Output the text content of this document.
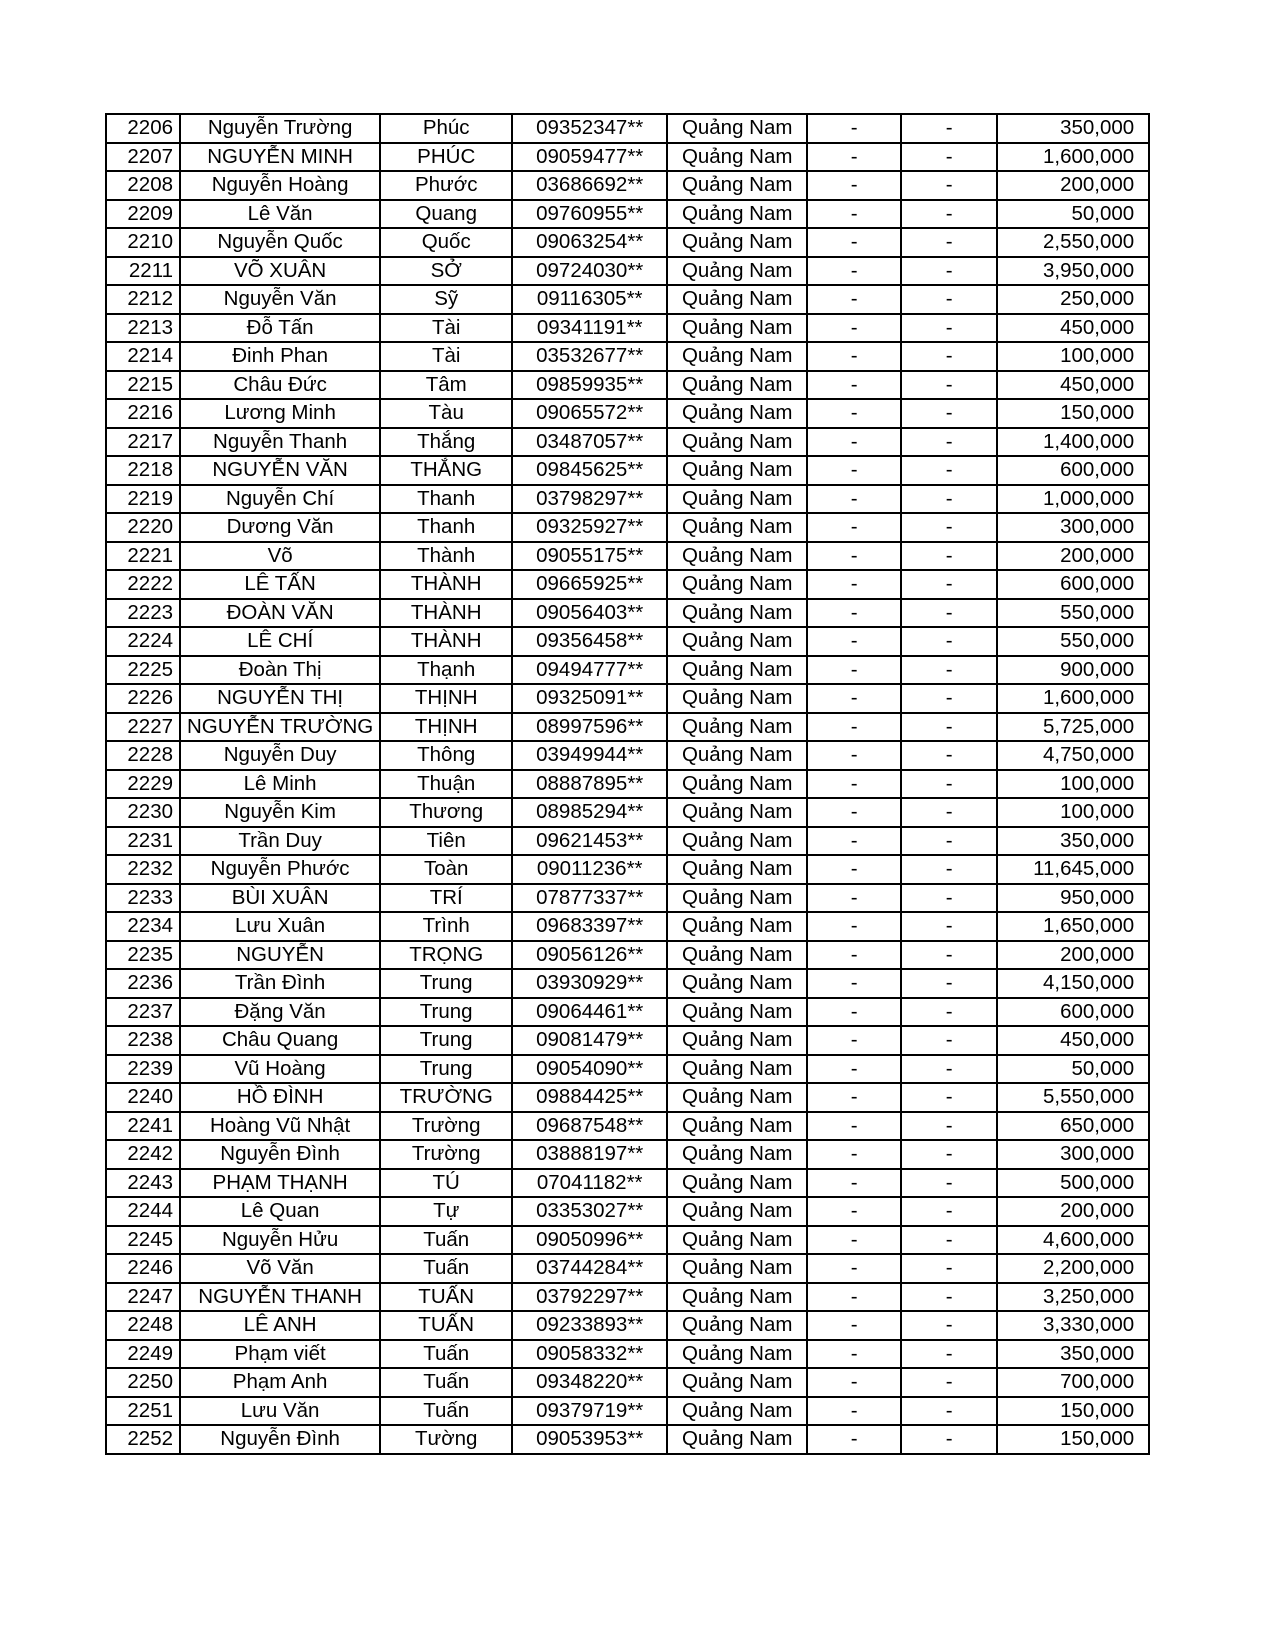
2206	Nguyễn Trường	Phúc	09352347**	Quảng Nam	-	-	350,000
2207	NGUYỄN MINH	PHÚC	09059477**	Quảng Nam	-	-	1,600,000
2208	Nguyễn Hoàng	Phước	03686692**	Quảng Nam	-	-	200,000
2209	Lê Văn	Quang	09760955**	Quảng Nam	-	-	50,000
2210	Nguyễn Quốc	Quốc	09063254**	Quảng Nam	-	-	2,550,000
2211	VÕ XUÂN	SỞ	09724030**	Quảng Nam	-	-	3,950,000
2212	Nguyễn Văn	Sỹ	09116305**	Quảng Nam	-	-	250,000
2213	Đỗ Tấn	Tài	09341191**	Quảng Nam	-	-	450,000
2214	Đinh Phan	Tài	03532677**	Quảng Nam	-	-	100,000
2215	Châu Đức	Tâm	09859935**	Quảng Nam	-	-	450,000
2216	Lương Minh	Tàu	09065572**	Quảng Nam	-	-	150,000
2217	Nguyễn Thanh	Thắng	03487057**	Quảng Nam	-	-	1,400,000
2218	NGUYỄN VĂN	THẮNG	09845625**	Quảng Nam	-	-	600,000
2219	Nguyễn Chí	Thanh	03798297**	Quảng Nam	-	-	1,000,000
2220	Dương Văn	Thanh	09325927**	Quảng Nam	-	-	300,000
2221	Võ	Thành	09055175**	Quảng Nam	-	-	200,000
2222	LÊ TẤN	THÀNH	09665925**	Quảng Nam	-	-	600,000
2223	ĐOÀN VĂN	THÀNH	09056403**	Quảng Nam	-	-	550,000
2224	LÊ CHÍ	THÀNH	09356458**	Quảng Nam	-	-	550,000
2225	Đoàn Thị	Thạnh	09494777**	Quảng Nam	-	-	900,000
2226	NGUYỄN THỊ	THỊNH	09325091**	Quảng Nam	-	-	1,600,000
2227	NGUYỄN TRƯỜNG	THỊNH	08997596**	Quảng Nam	-	-	5,725,000
2228	Nguyễn Duy	Thông	03949944**	Quảng Nam	-	-	4,750,000
2229	Lê Minh	Thuận	08887895**	Quảng Nam	-	-	100,000
2230	Nguyễn Kim	Thương	08985294**	Quảng Nam	-	-	100,000
2231	Trần Duy	Tiên	09621453**	Quảng Nam	-	-	350,000
2232	Nguyễn Phước	Toàn	09011236**	Quảng Nam	-	-	11,645,000
2233	BÙI XUÂN	TRÍ	07877337**	Quảng Nam	-	-	950,000
2234	Lưu Xuân	Trình	09683397**	Quảng Nam	-	-	1,650,000
2235	NGUYỄN	TRỌNG	09056126**	Quảng Nam	-	-	200,000
2236	Trần Đình	Trung	03930929**	Quảng Nam	-	-	4,150,000
2237	Đặng Văn	Trung	09064461**	Quảng Nam	-	-	600,000
2238	Châu Quang	Trung	09081479**	Quảng Nam	-	-	450,000
2239	Vũ Hoàng	Trung	09054090**	Quảng Nam	-	-	50,000
2240	HỒ ĐÌNH	TRƯỜNG	09884425**	Quảng Nam	-	-	5,550,000
2241	Hoàng Vũ Nhật	Trường	09687548**	Quảng Nam	-	-	650,000
2242	Nguyễn Đình	Trường	03888197**	Quảng Nam	-	-	300,000
2243	PHẠM THẠNH	TÚ	07041182**	Quảng Nam	-	-	500,000
2244	Lê Quan	Tự	03353027**	Quảng Nam	-	-	200,000
2245	Nguyễn Hửu	Tuấn	09050996**	Quảng Nam	-	-	4,600,000
2246	Võ Văn	Tuấn	03744284**	Quảng Nam	-	-	2,200,000
2247	NGUYỄN THANH	TUẤN	03792297**	Quảng Nam	-	-	3,250,000
2248	LÊ ANH	TUẤN	09233893**	Quảng Nam	-	-	3,330,000
2249	Phạm viết	Tuấn	09058332**	Quảng Nam	-	-	350,000
2250	Phạm Anh	Tuấn	09348220**	Quảng Nam	-	-	700,000
2251	Lưu Văn	Tuấn	09379719**	Quảng Nam	-	-	150,000
2252	Nguyễn Đình	Tường	09053953**	Quảng Nam	-	-	150,000
